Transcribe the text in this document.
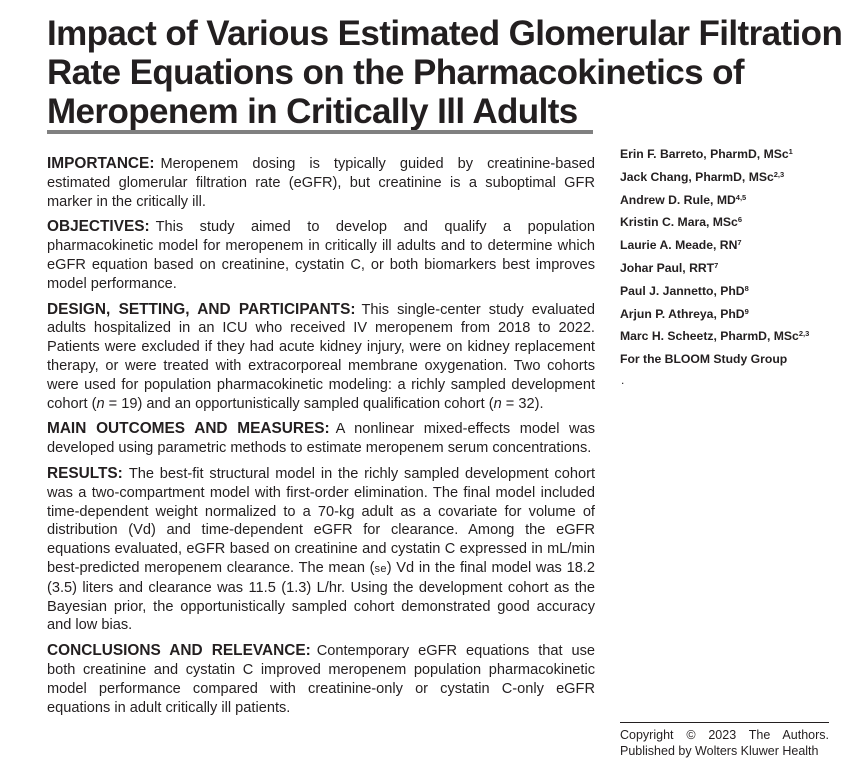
Impact of Various Estimated Glomerular Filtration Rate Equations on the Pharmacokinetics of Meropenem in Critically Ill Adults

IMPORTANCE: Meropenem dosing is typically guided by creatinine-based estimated glomerular filtration rate (eGFR), but creatinine is a suboptimal GFR marker in the critically ill.

OBJECTIVES: This study aimed to develop and qualify a population pharmacokinetic model for meropenem in critically ill adults and to determine which eGFR equation based on creatinine, cystatin C, or both biomarkers best improves model performance.

DESIGN, SETTING, AND PARTICIPANTS: This single-center study evaluated adults hospitalized in an ICU who received IV meropenem from 2018 to 2022. Patients were excluded if they had acute kidney injury, were on kidney replacement therapy, or were treated with extracorporeal membrane oxygenation. Two cohorts were used for population pharmacokinetic modeling: a richly sampled development cohort (n = 19) and an opportunistically sampled qualification cohort (n = 32).

MAIN OUTCOMES AND MEASURES: A nonlinear mixed-effects model was developed using parametric methods to estimate meropenem serum concentrations.

RESULTS: The best-fit structural model in the richly sampled development cohort was a two-compartment model with first-order elimination. The final model included time-dependent weight normalized to a 70-kg adult as a covariate for volume of distribution (Vd) and time-dependent eGFR for clearance. Among the eGFR equations evaluated, eGFR based on creatinine and cystatin C expressed in mL/min best-predicted meropenem clearance. The mean (se) Vd in the final model was 18.2 (3.5) liters and clearance was 11.5 (1.3) L/hr. Using the development cohort as the Bayesian prior, the opportunistically sampled cohort demonstrated good accuracy and low bias.

CONCLUSIONS AND RELEVANCE: Contemporary eGFR equations that use both creatinine and cystatin C improved meropenem population pharmacokinetic model performance compared with creatinine-only or cystatin C-only eGFR equations in adult critically ill patients.

Erin F. Barreto, PharmD, MSc$^1$
Jack Chang, PharmD, MSc$^{2,3}$
Andrew D. Rule, MD$^{4,5}$
Kristin C. Mara, MSc$^6$
Laurie A. Meade, $RN^7$
Johar Paul, RRT$^7$
Paul J. Jannetto, PhD$^8$
Arjun P. Athreya, PhD$^9$
Marc H. Scheetz, PharmD, MSc$^{2,3}$
For the BLOOM Study Group
.
Copyright © 2023 The Authors.
Published by Wolters Kluwer Health
